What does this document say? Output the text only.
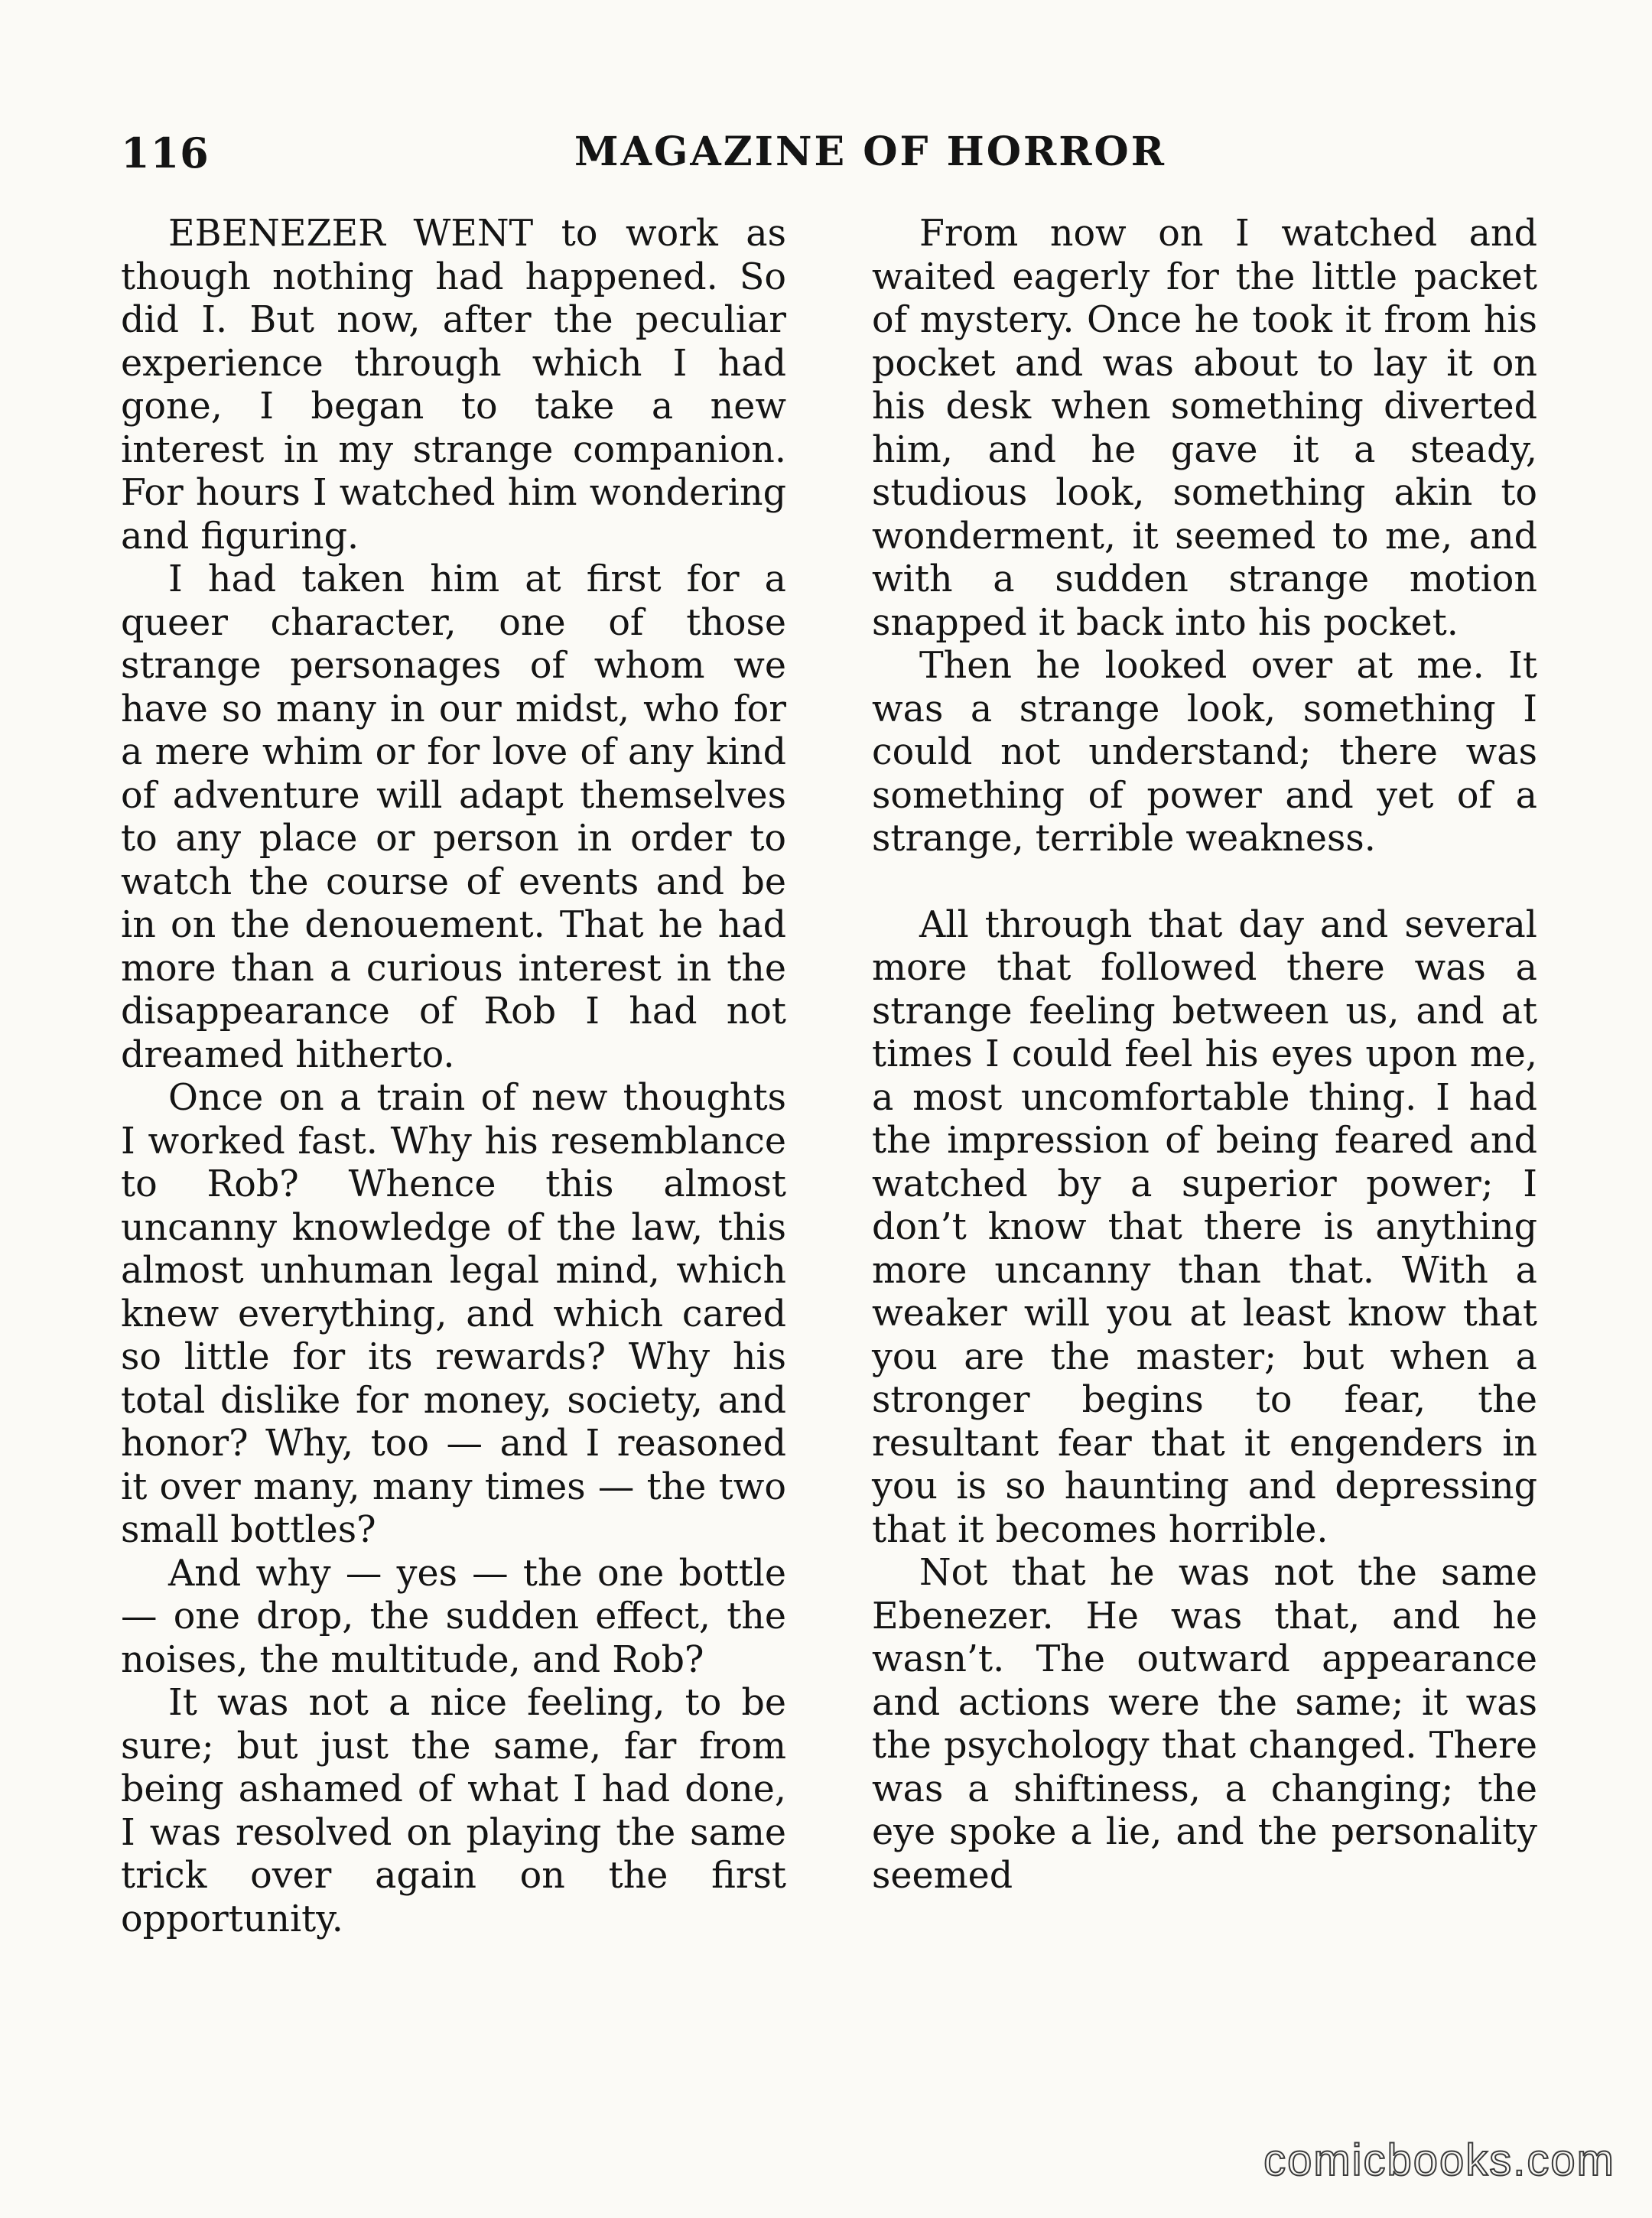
116	MAGAZINE OF HORROR

EBENEZER WENT to work as though nothing had happened. So did I. But now, after the peculiar experience through which I had gone, I began to take a new interest in my strange companion. For hours I watched him wondering and figuring.

I had taken him at first for a queer character, one of those strange personages of whom we have so many in our midst, who for a mere whim or for love of any kind of adventure will adapt themselves to any place or person in order to watch the course of events and be in on the denouement. That he had more than a curious interest in the disappearance of Rob I had not dreamed hitherto.

Once on a train of new thoughts I worked fast. Why his resemblance to Rob? Whence this almost uncanny knowledge of the law, this almost unhuman legal mind, which knew everything, and which cared so little for its rewards? Why his total dislike for money, society, and honor? Why, too — and I reasoned it over many, many times — the two small bottles?

And why — yes — the one bottle — one drop, the sudden effect, the noises, the multitude, and Rob?

It was not a nice feeling, to be sure; but just the same, far from being ashamed of what I had done, I was resolved on playing the same trick over again on the first opportunity.

From now on I watched and waited eagerly for the little packet of mystery. Once he took it from his pocket and was about to lay it on his desk when something diverted him, and he gave it a steady, studious look, something akin to wonderment, it seemed to me, and with a sudden strange motion snapped it back into his pocket.

Then he looked over at me. It was a strange look, something I could not understand; there was something of power and yet of a strange, terrible weakness.

All through that day and several more that followed there was a strange feeling between us, and at times I could feel his eyes upon me, a most uncomfortable thing. I had the impression of being feared and watched by a superior power; I don’t know that there is anything more uncanny than that. With a weaker will you at least know that you are the master; but when a stronger begins to fear, the resultant fear that it engenders in you is so haunting and depressing that it becomes horrible.

Not that he was not the same Ebenezer. He was that, and he wasn’t. The outward appearance and actions were the same; it was the psychology that changed. There was a shiftiness, a changing; the eye spoke a lie, and the personality seemed

comicbooks.com
